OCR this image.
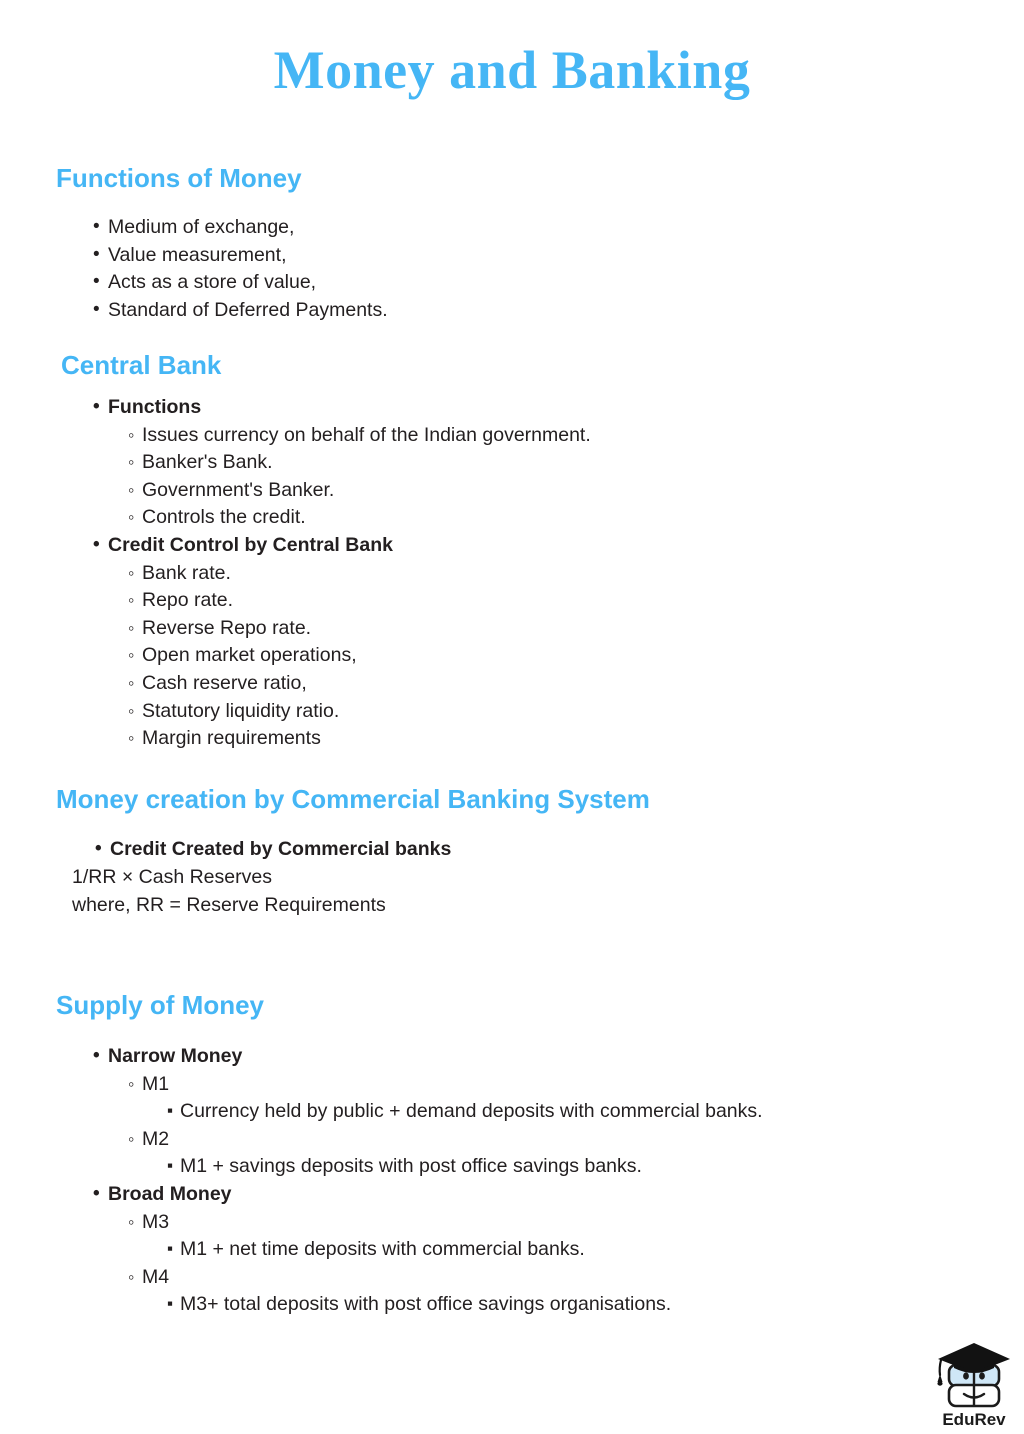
Money and Banking
Functions of Money
• Medium of exchange,
• Value measurement,
• Acts as a store of value,
• Standard of Deferred Payments.
Central Bank
• Functions
◦ Issues currency on behalf of the Indian government.
◦ Banker's Bank.
◦ Government's Banker.
◦ Controls the credit.
• Credit Control by Central Bank
◦ Bank rate.
◦ Repo rate.
◦ Reverse Repo rate.
◦ Open market operations,
◦ Cash reserve ratio,
◦ Statutory liquidity ratio.
◦ Margin requirements
Money creation by Commercial Banking System
• Credit Created by Commercial banks
1/RR × Cash Reserves
where, RR = Reserve Requirements
Supply of Money
• Narrow Money
◦ M1
▪ Currency held by public + demand deposits with commercial banks.
◦ M2
▪ M1 + savings deposits with post office savings banks.
• Broad Money
◦ M3
▪ M1 + net time deposits with commercial banks.
◦ M4
▪ M3+ total deposits with post office savings organisations.
EduRev
